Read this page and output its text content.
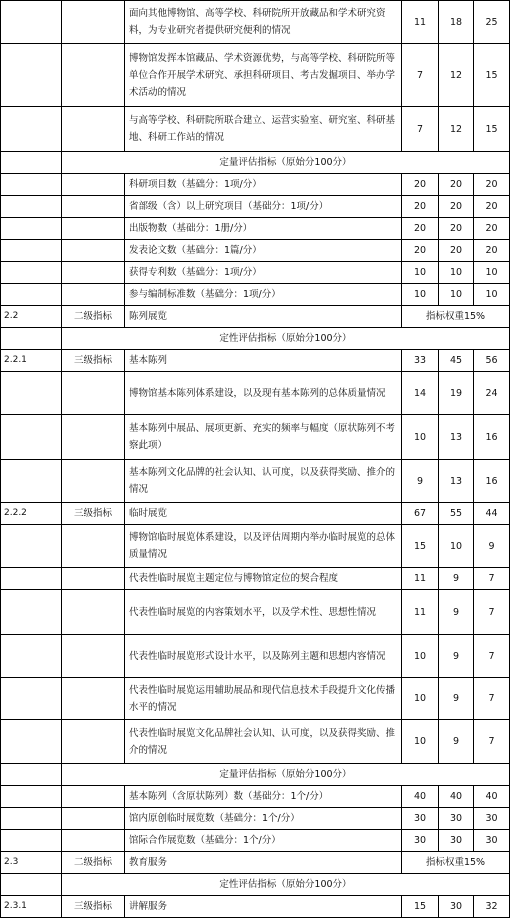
		面向其他博物馆、高等学校、科研院所开放藏品和学术研究资料，为专业研究者提供研究便利的情况	11	18	25
		博物馆发挥本馆藏品、学术资源优势，与高等学校、科研院所等单位合作开展学术研究、承担科研项目、考古发掘项目、举办学术活动的情况	7	12	15
		与高等学校、科研院所联合建立、运营实验室、研究室、科研基地、科研工作站的情况	7	12	15
	定量评估指标（原始分100分）				
		科研项目数（基础分：1项/分）	20	20	20
		省部级（含）以上研究项目（基础分：1项/分）	20	20	20
		出版物数（基础分：1册/分）	20	20	20
		发表论文数（基础分：1篇/分）	20	20	20
		获得专利数（基础分：1项/分）	10	10	10
		参与编制标准数（基础分：1项/分）	10	10	10
2.2	二级指标	陈列展览	指标权重15%		
	定性评估指标（原始分100分）				
2.2.1	三级指标	基本陈列	33	45	56
		博物馆基本陈列体系建设，以及现有基本陈列的总体质量情况	14	19	24
		基本陈列中展品、展项更新、充实的频率与幅度（原状陈列不考察此项）	10	13	16
		基本陈列文化品牌的社会认知、认可度，以及获得奖励、推介的情况	9	13	16
2.2.2	三级指标	临时展览	67	55	44
		博物馆临时展览体系建设，以及评估周期内举办临时展览的总体质量情况	15	10	9
		代表性临时展览主题定位与博物馆定位的契合程度	11	9	7
		代表性临时展览的内容策划水平，以及学术性、思想性情况	11	9	7
		代表性临时展览形式设计水平，以及陈列主题和思想内容情况	10	9	7
		代表性临时展览运用辅助展品和现代信息技术手段提升文化传播水平的情况	10	9	7
		代表性临时展览文化品牌社会认知、认可度，以及获得奖励、推介的情况	10	9	7
	定量评估指标（原始分100分）				
		基本陈列（含原状陈列）数（基础分：1个/分）	40	40	40
		馆内原创临时展览数（基础分：1个/分）	30	30	30
		馆际合作展览数（基础分：1个/分）	30	30	30
2.3	二级指标	教育服务	指标权重15%		
	定性评估指标（原始分100分）				
2.3.1	三级指标	讲解服务	15	30	32
